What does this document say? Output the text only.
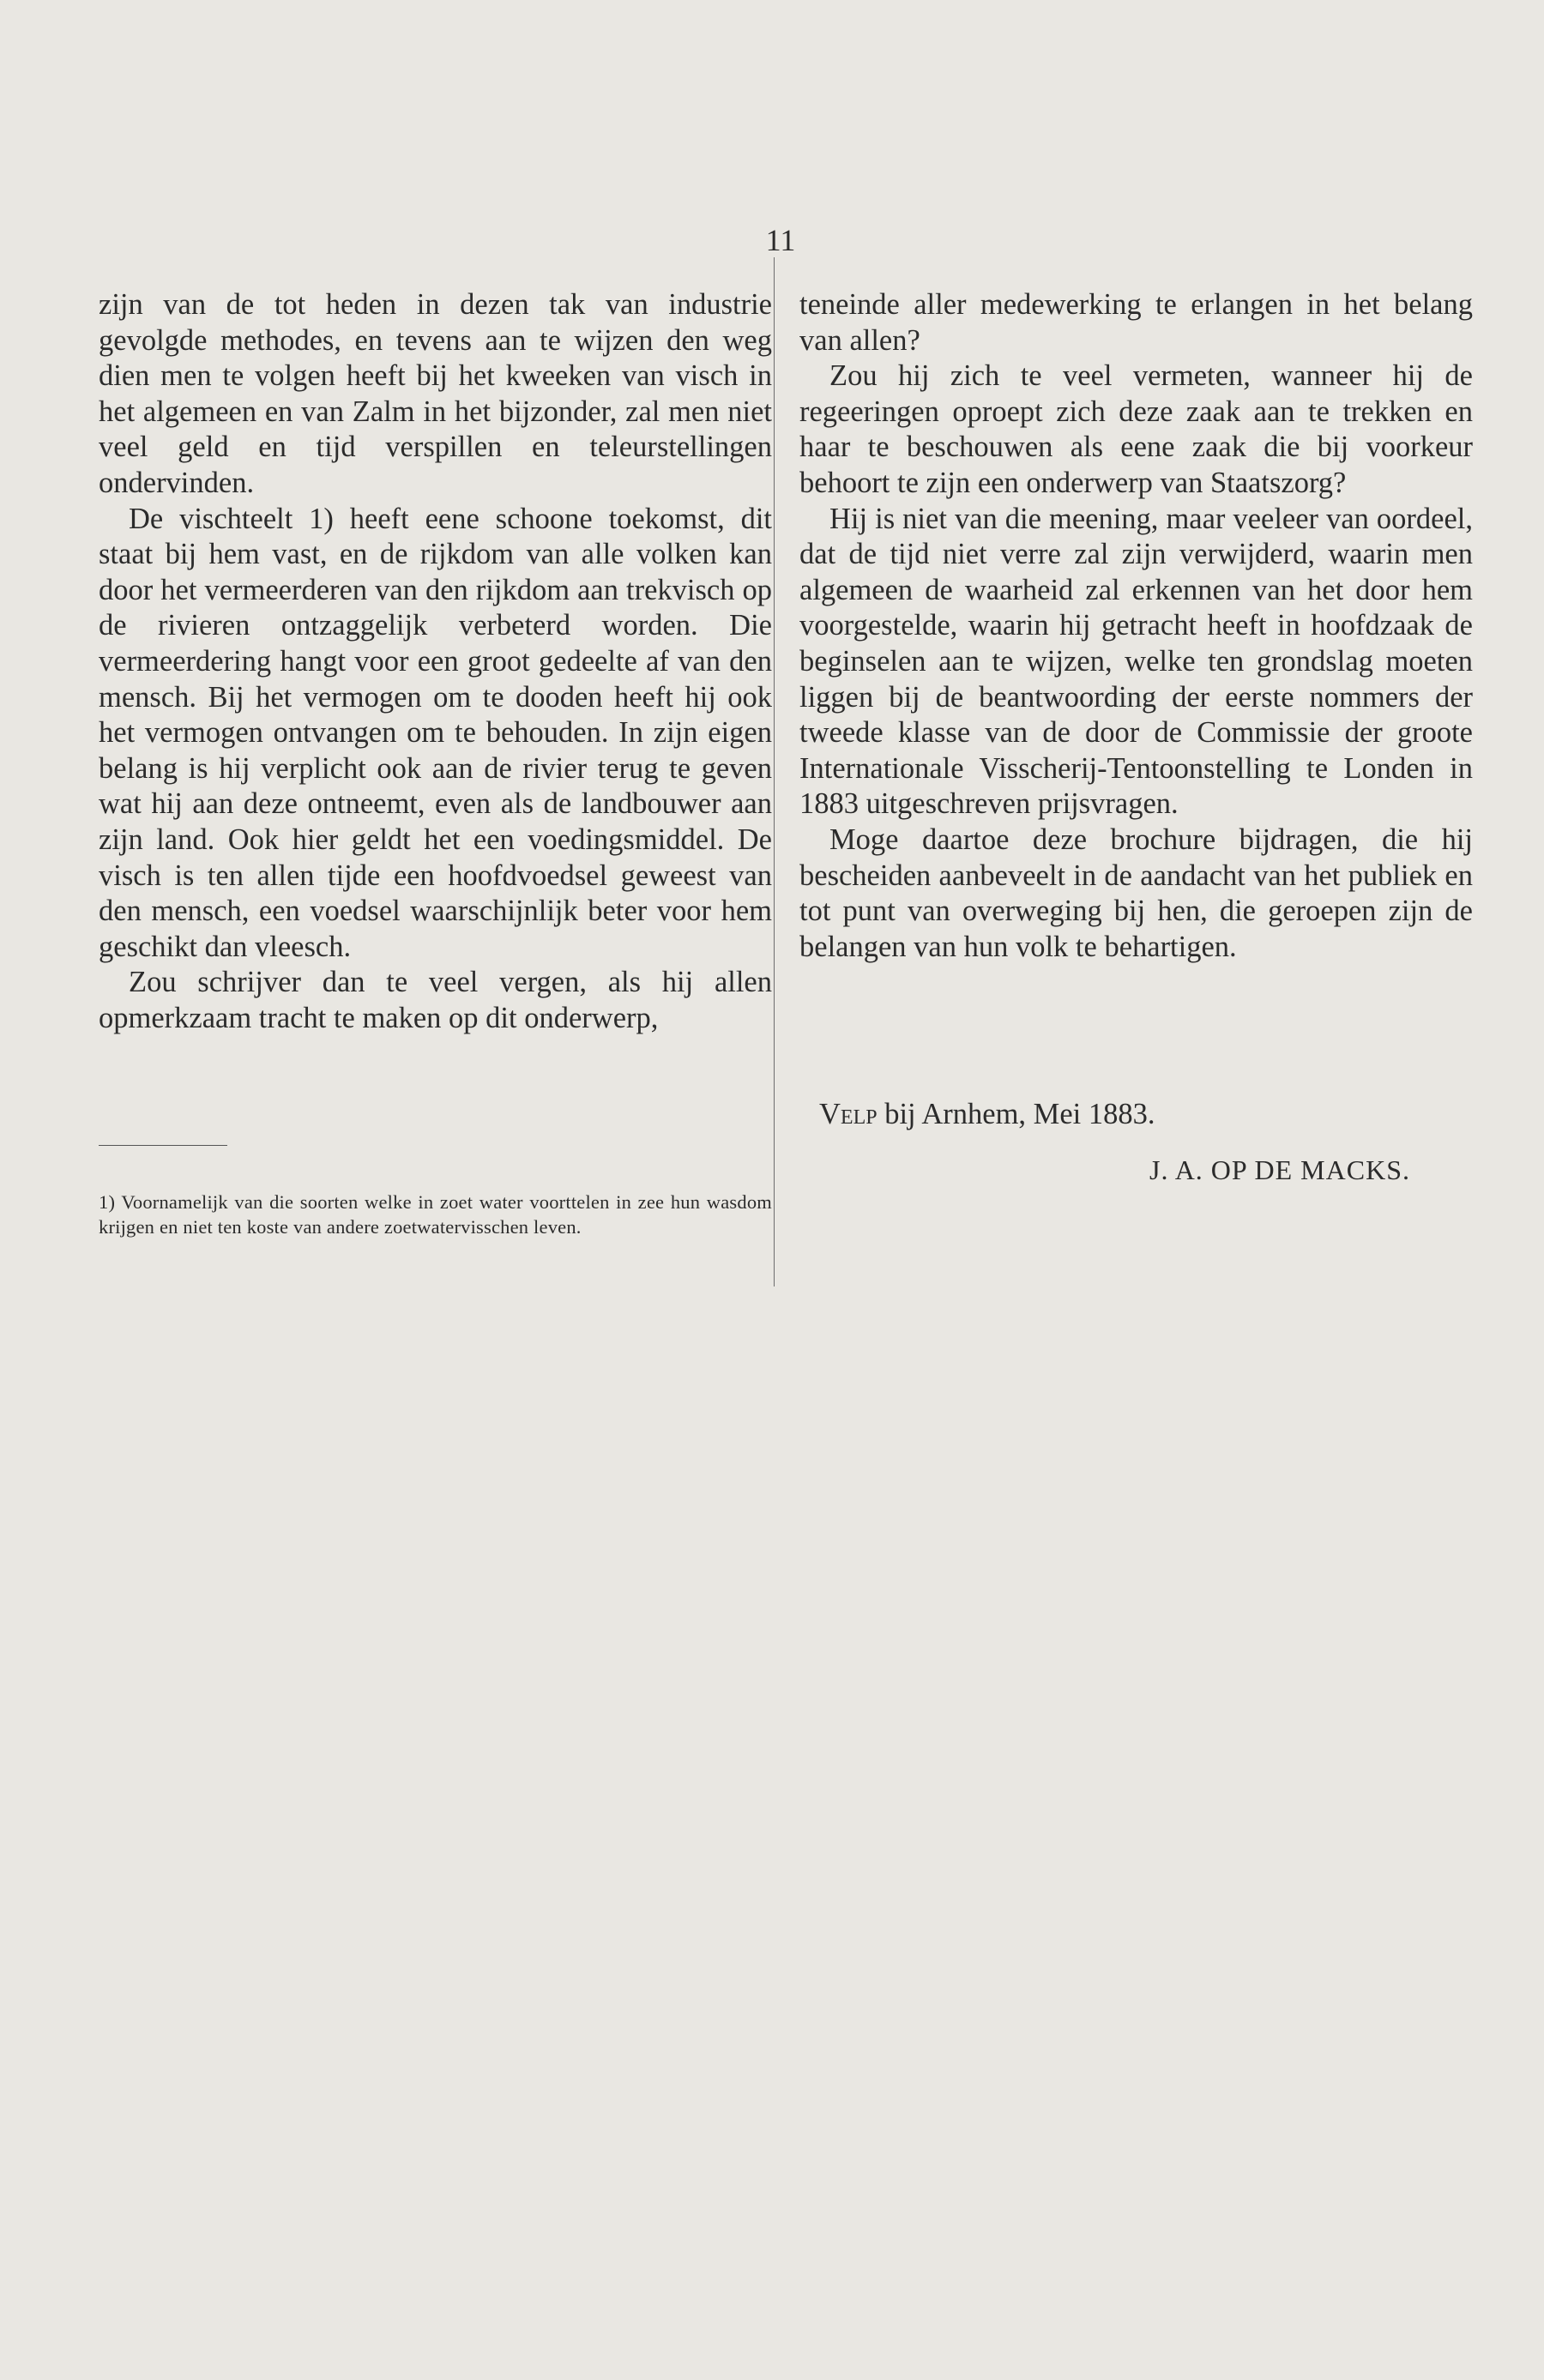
11

zijn van de tot heden in dezen tak van industrie gevolgde methodes, en tevens aan te wijzen den weg dien men te volgen heeft bij het kweeken van visch in het algemeen en van Zalm in het bijzonder, zal men niet veel geld en tijd verspillen en teleurstellingen ondervinden.

De vischteelt 1) heeft eene schoone toekomst, dit staat bij hem vast, en de rijkdom van alle volken kan door het vermeerderen van den rijkdom aan trekvisch op de rivieren ontzaggelijk verbeterd worden. Die vermeerdering hangt voor een groot gedeelte af van den mensch. Bij het vermogen om te dooden heeft hij ook het vermogen ontvangen om te behouden. In zijn eigen belang is hij verplicht ook aan de rivier terug te geven wat hij aan deze ontneemt, even als de landbouwer aan zijn land. Ook hier geldt het een voedingsmiddel. De visch is ten allen tijde een hoofdvoedsel geweest van den mensch, een voedsel waarschijnlijk beter voor hem geschikt dan vleesch.

Zou schrijver dan te veel vergen, als hij allen opmerkzaam tracht te maken op dit onderwerp,

teneinde aller medewerking te erlangen in het belang van allen?

Zou hij zich te veel vermeten, wanneer hij de regeeringen oproept zich deze zaak aan te trekken en haar te beschouwen als eene zaak die bij voorkeur behoort te zijn een onderwerp van Staatszorg?

Hij is niet van die meening, maar veeleer van oordeel, dat de tijd niet verre zal zijn verwijderd, waarin men algemeen de waarheid zal erkennen van het door hem voorgestelde, waarin hij getracht heeft in hoofdzaak de beginselen aan te wijzen, welke ten grondslag moeten liggen bij de beantwoording der eerste nommers der tweede klasse van de door de Commissie der groote Internationale Visscherij-Tentoonstelling te Londen in 1883 uitgeschreven prijsvragen.

Moge daartoe deze brochure bijdragen, die hij bescheiden aanbeveelt in de aandacht van het publiek en tot punt van overweging bij hen, die geroepen zijn de belangen van hun volk te behartigen.

Velp bij Arnhem, Mei 1883.
J. A. OP DE MACKS.

1) Voornamelijk van die soorten welke in zoet water voorttelen in zee hun wasdom krijgen en niet ten koste van andere zoetwatervisschen leven.
